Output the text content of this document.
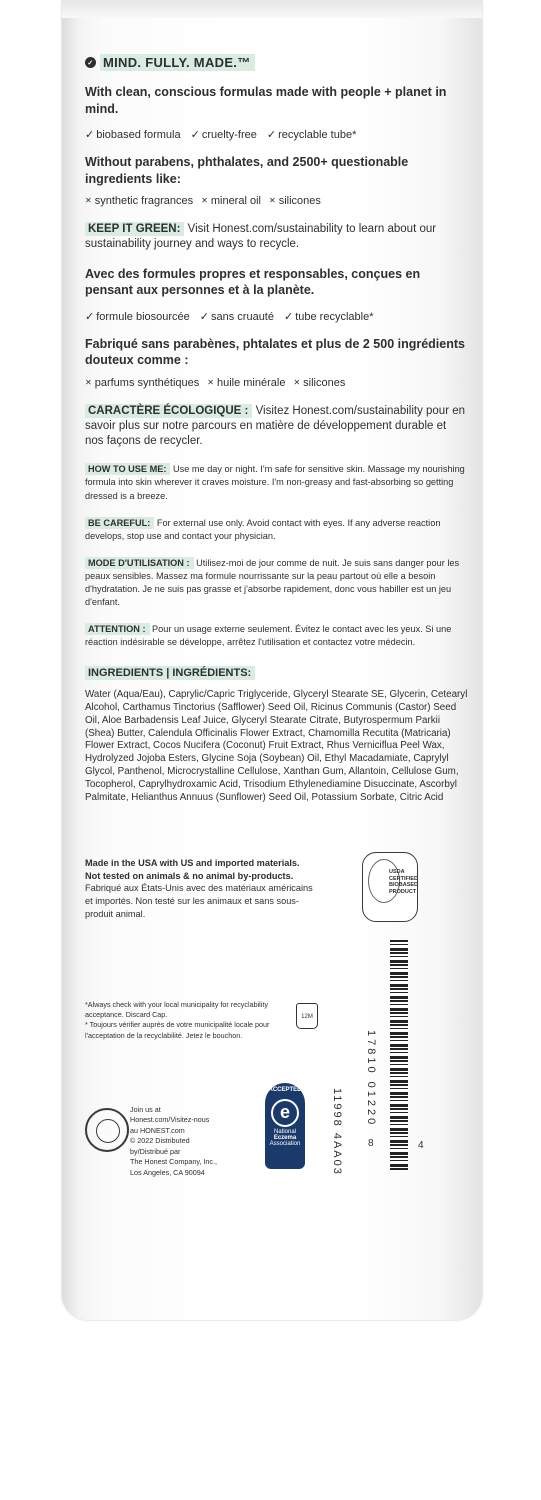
✓ MIND. FULLY. MADE.™

With clean, conscious formulas made with people + planet in mind.

✓ biobased formula	✓ cruelty-free	✓ recyclable tube*

Without parabens, phthalates, and 2500+ questionable ingredients like:

✕ synthetic fragrances	✕ mineral oil	✕ silicones

KEEP IT GREEN: Visit Honest.com/sustainability to learn about our sustainability journey and ways to recycle.

Avec des formules propres et responsables, conçues en pensant aux personnes et à la planète.

✓ formule biosourcée	✓ sans cruauté	✓ tube recyclable*

Fabriqué sans parabènes, phtalates et plus de 2 500 ingrédients douteux comme :

✕ parfums synthétiques	✕ huile minérale	✕ silicones

CARACTÈRE ÉCOLOGIQUE : Visitez Honest.com/sustainability pour en savoir plus sur notre parcours en matière de développement durable et nos façons de recycler.

HOW TO USE ME: Use me day or night. I'm safe for sensitive skin. Massage my nourishing formula into skin wherever it craves moisture. I'm non-greasy and fast-absorbing so getting dressed is a breeze.

BE CAREFUL: For external use only. Avoid contact with eyes. If any adverse reaction develops, stop use and contact your physician.

MODE D'UTILISATION : Utilisez-moi de jour comme de nuit. Je suis sans danger pour les peaux sensibles. Massez ma formule nourrissante sur la peau partout où elle a besoin d'hydratation. Je ne suis pas grasse et j'absorbe rapidement, donc vous habiller est un jeu d'enfant.

ATTENTION : Pour un usage externe seulement. Évitez le contact avec les yeux. Si une réaction indésirable se développe, arrêtez l'utilisation et contactez votre médecin.

INGREDIENTS | INGRÉDIENTS:

Water (Aqua/Eau), Caprylic/Capric Triglyceride, Glyceryl Stearate SE, Glycerin, Cetearyl Alcohol, Carthamus Tinctorius (Safflower) Seed Oil, Ricinus Communis (Castor) Seed Oil, Aloe Barbadensis Leaf Juice, Glyceryl Stearate Citrate, Butyrospermum Parkii (Shea) Butter, Calendula Officinalis Flower Extract, Chamomilla Recutita (Matricaria) Flower Extract, Cocos Nucifera (Coconut) Fruit Extract, Rhus Verniciflua Peel Wax, Hydrolyzed Jojoba Esters, Glycine Soja (Soybean) Oil, Ethyl Macadamiate, Caprylyl Glycol, Panthenol, Microcrystalline Cellulose, Xanthan Gum, Allantoin, Cellulose Gum, Tocopherol, Caprylhydroxamic Acid, Trisodium Ethylenediamine Disuccinate, Ascorbyl Palmitate, Helianthus Annuus (Sunflower) Seed Oil, Potassium Sorbate, Citric Acid

Made in the USA with US and imported materials. Not tested on animals & no animal by-products.
Fabriqué aux États-Unis avec des matériaux américains et importés. Non testé sur les animaux et sans sous-produit animal.
USDA
CERTIFIED
BIOBASED
PRODUCT
*Always check with your local municipality for recyclability acceptance. Discard Cap.
* Toujours vérifier auprès de votre municipalité locale pour l'acceptation de la recyclabilité. Jetez le bouchon.
12M
Join us at
Honest.com/Visitez-nous
au HONEST.com
© 2022 Distributed
by/Distribué par
The Honest Company, Inc.,
Los Angeles, CA 90094
ACCEPTED
e
National
Eczema
Association
17810 01220
11998 4AA03	8	4
